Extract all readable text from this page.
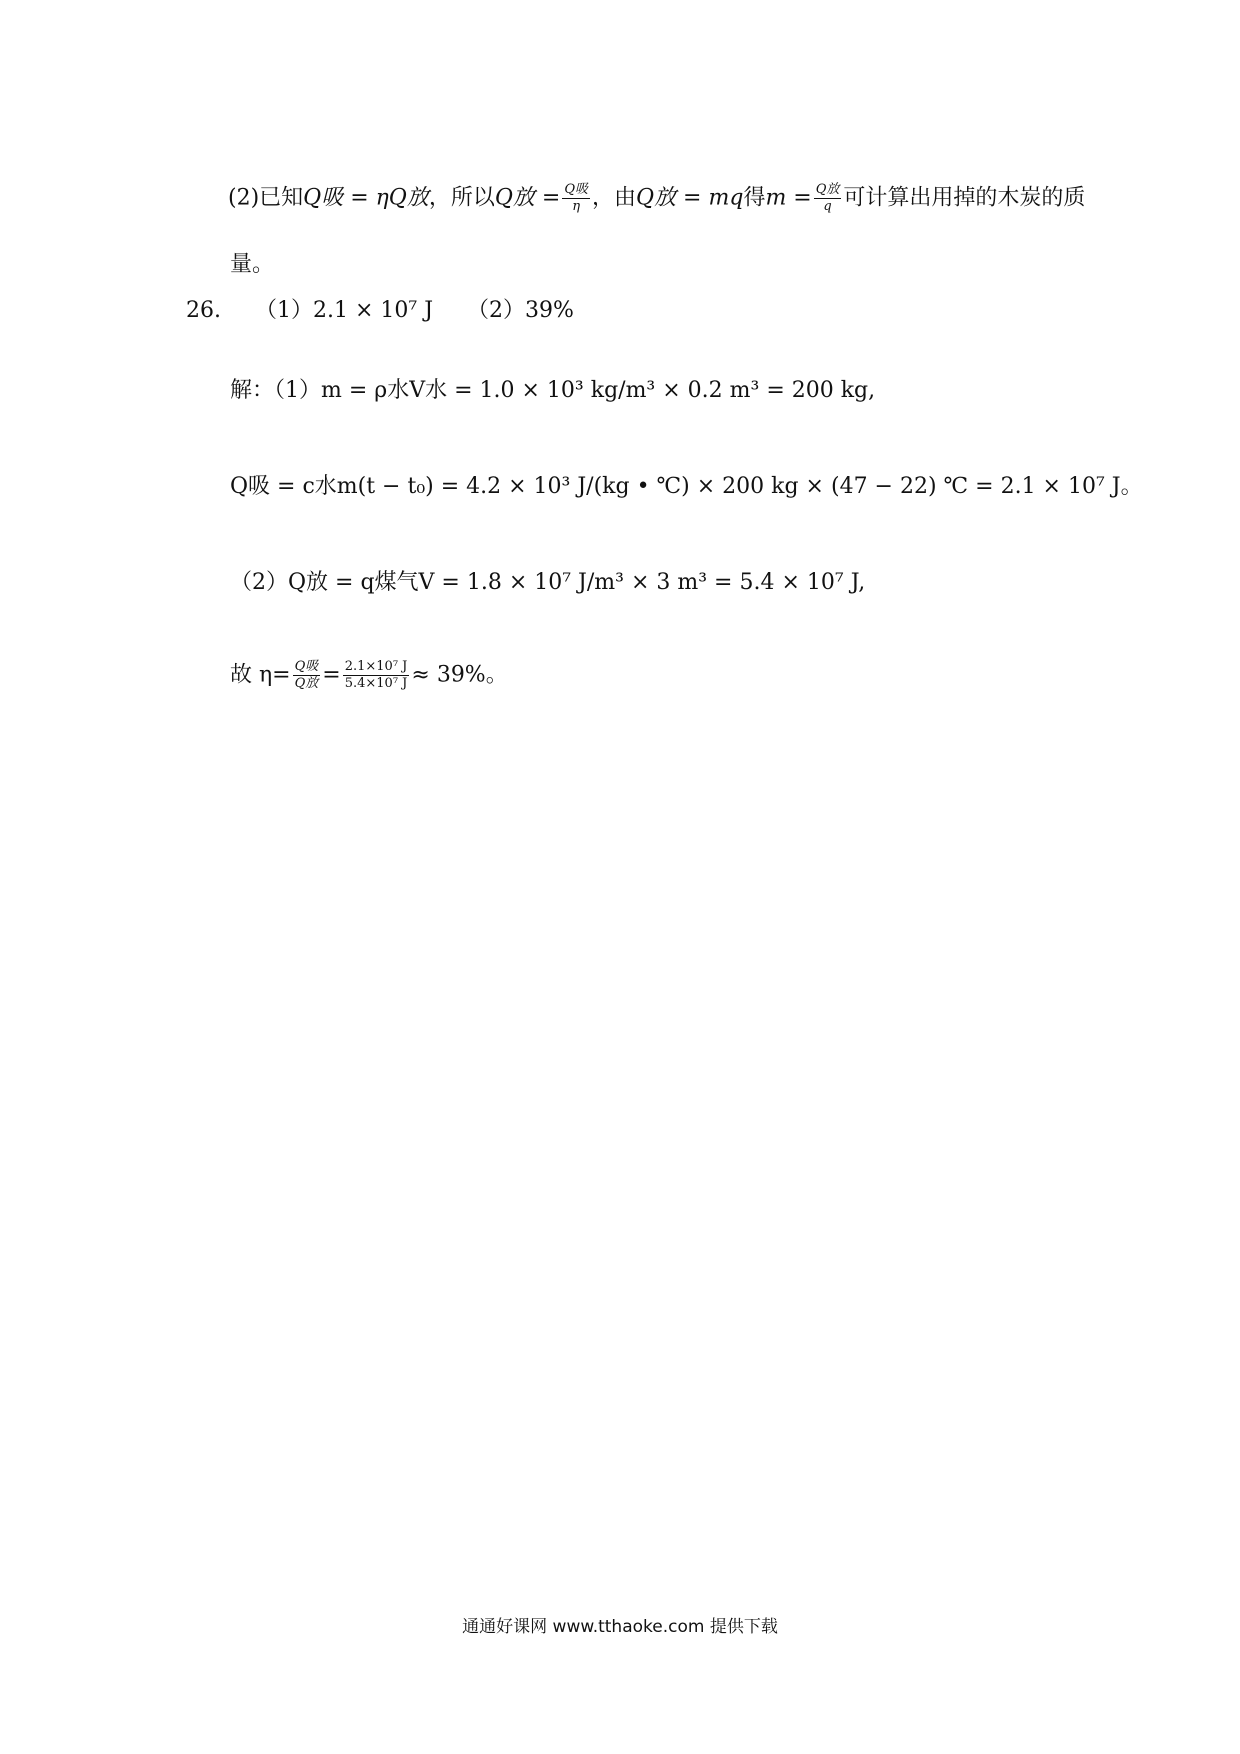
(2)已知Q吸 = ηQ放，所以Q放 = $\frac{\text{Q吸}}{\eta}$ ，由Q放 = mq得$m = \frac{\text{Q放}}{q}$ 可计算出用掉的木炭的质
量。
26. （1）2.1 × 10⁷ J （2）39%
解：（1）m = ρ水V水 = 1.0 × 10³ kg/m³ × 0.2 m³ = 200 kg,
Q吸 = c水m(t − t₀) = 4.2 × 10³ J/(kg • ℃) × 200 kg × (47 − 22) ℃ = 2.1 × 10⁷ J。
（2）Q放 = q煤气V = 1.8 × 10⁷ J/m³ × 3 m³ = 5.4 × 10⁷ J,
故 $\eta= \frac{\text{Q吸}}{\text{Q放}} = \frac{\text{2.1×10⁷ J}}{\text{5.4×10⁷ J}} \approx 39\%$。
通通好课网 www.tthaoke.com 提供下载
